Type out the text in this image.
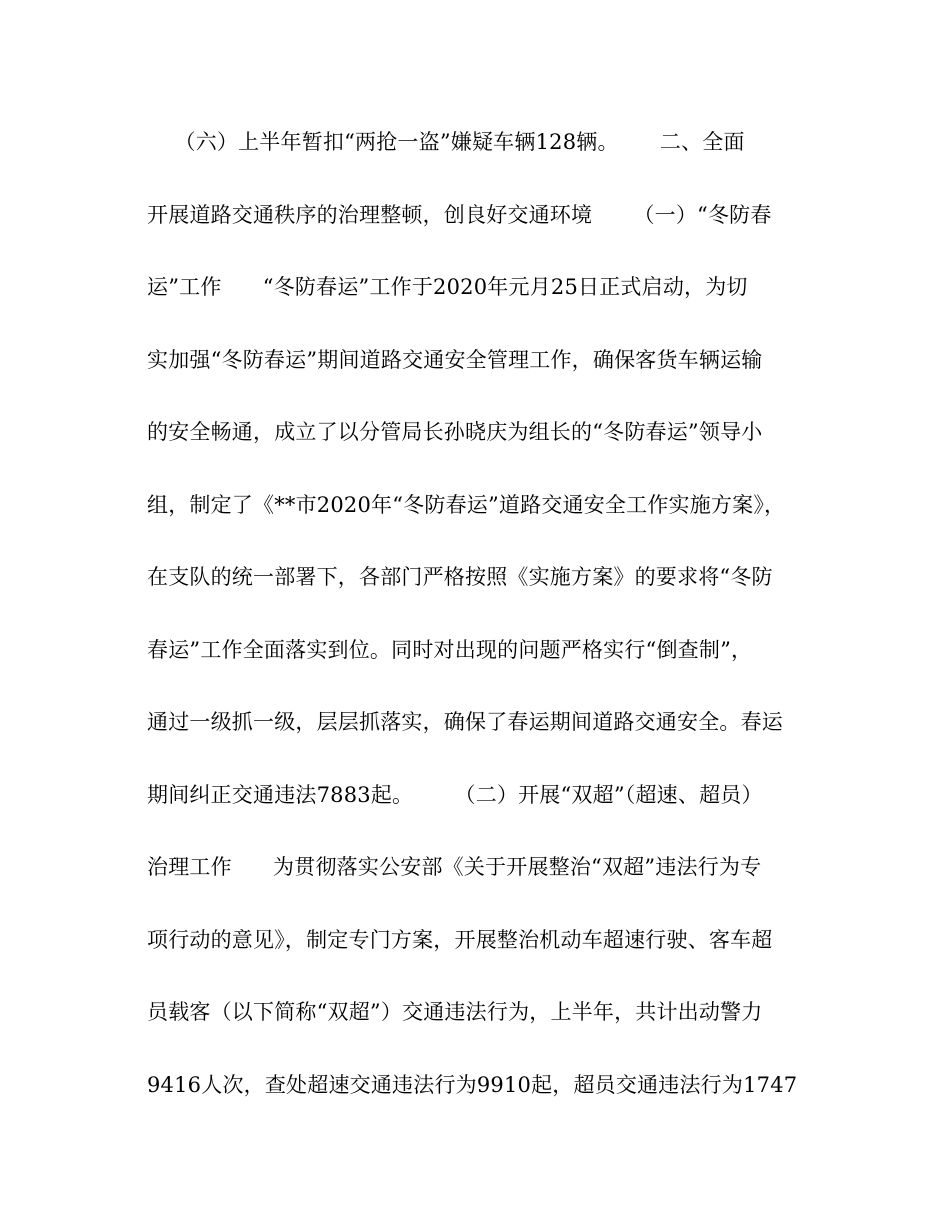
（六）上半年暂扣“两抢一盗”嫌疑车辆128辆。      二、全面
开展道路交通秩序的治理整顿，创良好交通环境      （一）“冬防春
运”工作      “冬防春运”工作于2020年元月25日正式启动，为切
实加强“冬防春运”期间道路交通安全管理工作，确保客货车辆运输
的安全畅通，成立了以分管局长孙晓庆为组长的“冬防春运”领导小
组，制定了《**市2020年“冬防春运”道路交通安全工作实施方案》，
在支队的统一部署下，各部门严格按照《实施方案》的要求将“冬防
春运”工作全面落实到位。同时对出现的问题严格实行“倒查制”，
通过一级抓一级，层层抓落实，确保了春运期间道路交通安全。春运
期间纠正交通违法7883起。      （二）开展“双超”（超速、超员）
治理工作      为贯彻落实公安部《关于开展整治“双超”违法行为专
项行动的意见》，制定专门方案，开展整治机动车超速行驶、客车超
员载客（以下简称“双超”）交通违法行为，上半年，共计出动警力
9416人次，查处超速交通违法行为9910起，超员交通违法行为1747
